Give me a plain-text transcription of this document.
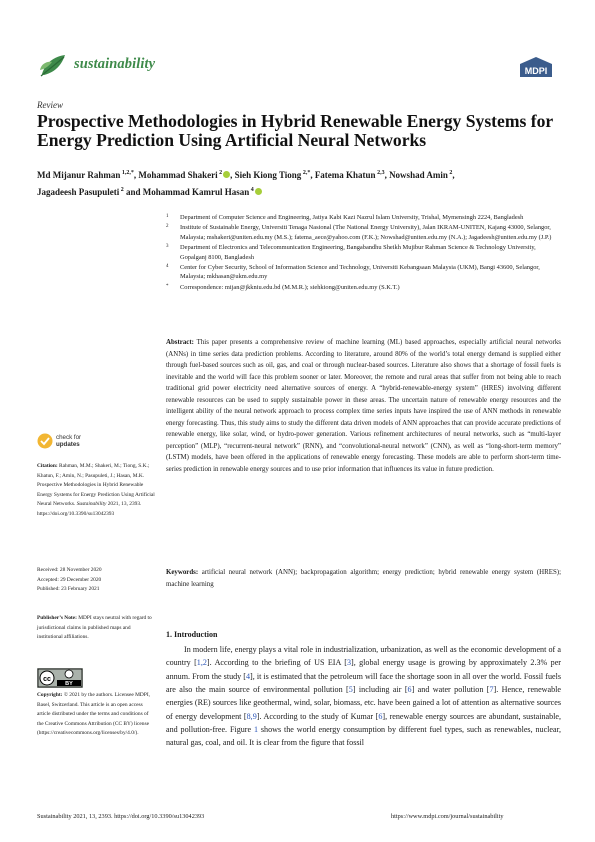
sustainability	MDPI
Review
Prospective Methodologies in Hybrid Renewable Energy Systems for Energy Prediction Using Artificial Neural Networks
Md Mijanur Rahman $^{1,2,*}$, Mohammad Shakeri $^2$ , Sieh Kiong Tiong $^{2,*}$, Fatema Khatun $^{2,3}$, Nowshad Amin $^2$,
Jagadeesh Pasupuleti $^2$ and Mohammad Kamrul Hasan $^4$
1 Department of Computer Science and Engineering, Jatiya Kabi Kazi Nazrul Islam University, Trishal, Mymensingh 2224, Bangladesh
2 Institute of Sustainable Energy, Universiti Tenaga Nasional (The National Energy University), Jalan IKRAM-UNITEN, Kajang 43000, Selangor, Malaysia; mshakeri@uniten.edu.my (M.S.); fatema_aece@yahoo.com (F.K.); Nowshad@uniten.edu.my (N.A.); Jagadeesh@uniten.edu.my (J.P.)
3 Department of Electronics and Telecommunication Engineering, Bangabandhu Sheikh Mujibur Rahman Science & Technology University, Gopalganj 8100, Bangladesh
4 Center for Cyber Security, School of Information Science and Technology, Universiti Kebangsaan Malaysia (UKM), Bangi 43600, Selangor, Malaysia; mkhasan@ukm.edu.my
* Correspondence: mijan@jkkniu.edu.bd (M.M.R.); siehkiong@uniten.edu.my (S.K.T.)
Abstract: This paper presents a comprehensive review of machine learning (ML) based approaches, especially artificial neural networks (ANNs) in time series data prediction problems. According to literature, around 80% of the world’s total energy demand is supplied either through fuel-based sources such as oil, gas, and coal or through nuclear-based sources. Literature also shows that a shortage of fossil fuels is inevitable and the world will face this problem sooner or later. Moreover, the remote and rural areas that suffer from not being able to reach traditional grid power electricity need alternative sources of energy. A “hybrid-renewable-energy system” (HRES) involving different renewable resources can be used to supply sustainable power in these areas. The uncertain nature of renewable energy resources and the intelligent ability of the neural network approach to process complex time series inputs have inspired the use of ANN methods in renewable energy forecasting. Thus, this study aims to study the different data driven models of ANN approaches that can provide accurate predictions of renewable energy, like solar, wind, or hydro-power generation. Various refinement architectures of neural networks, such as “multi-layer perception” (MLP), “recurrent-neural network” (RNN), and “convolutional-neural network” (CNN), as well as “long-short-term memory” (LSTM) models, have been offered in the applications of renewable energy forecasting. These models are able to perform short-term time-series prediction in renewable energy sources and to use prior information that influences its value in future prediction.
Keywords: artificial neural network (ANN); backpropagation algorithm; energy prediction; hybrid renewable energy system (HRES); machine learning
check for
updates
Citation: Rahman, M.M.; Shakeri, M.; Tiong, S.K.; Khatun, F.; Amin, N.; Pasupuleti, J.; Hasan, M.K. Prospective Methodologies in Hybrid Renewable Energy Systems for Energy Prediction Using Artificial Neural Networks. Sustainability 2021, 13, 2393. https://doi.org/10.3390/su13042393
Received: 28 November 2020
Accepted: 29 December 2020
Published: 23 February 2021
Publisher’s Note: MDPI stays neutral with regard to jurisdictional claims in published maps and institutional affiliations.
cc
BY
Copyright: © 2021 by the authors. Licensee MDPI, Basel, Switzerland. This article is an open access article distributed under the terms and conditions of the Creative Commons Attribution (CC BY) license (https://creativecommons.org/licenses/by/4.0/).
1. Introduction
In modern life, energy plays a vital role in industrialization, urbanization, as well as the economic development of a country [1,2]. According to the briefing of US EIA [3], global energy usage is growing by approximately 2.3% per annum. From the study [4], it is estimated that the petroleum will face the shortage soon in all over the world. Fossil fuels are also the main source of environmental pollution [5] including air [6] and water pollution [7]. Hence, renewable energies (RE) sources like geothermal, wind, solar, biomass, etc. have been gained a lot of attention as alternative sources of energy development [8,9]. According to the study of Kumar [6], renewable energy sources are abundant, sustainable, and pollution-free. Figure 1 shows the world energy consumption by different fuel types, such as renewables, nuclear, natural gas, coal, and oil. It is clear from the figure that fossil
Sustainability 2021, 13, 2393. https://doi.org/10.3390/su13042393	https://www.mdpi.com/journal/sustainability
